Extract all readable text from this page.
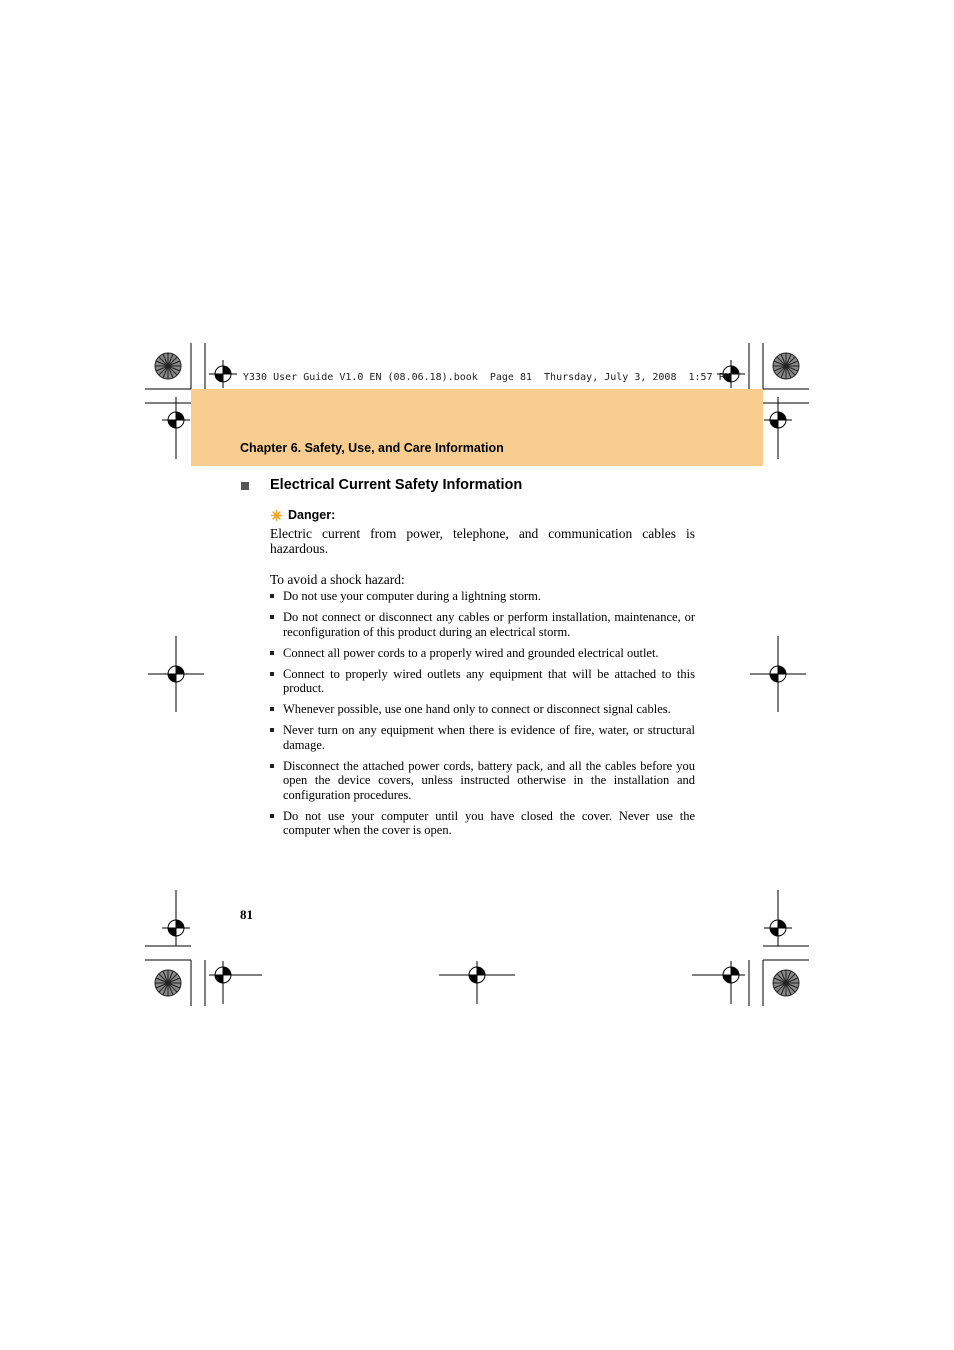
Y330 User Guide V1.0 EN (08.06.18).book  Page 81  Thursday, July 3, 2008  1:57 PM
Chapter 6. Safety, Use, and Care Information
Electrical Current Safety Information
Danger:
Electric current from power, telephone, and communication cables is hazardous.
To avoid a shock hazard:
Do not use your computer during a lightning storm.
Do not connect or disconnect any cables or perform installation, maintenance, or reconfiguration of this product during an electrical storm.
Connect all power cords to a properly wired and grounded electrical outlet.
Connect to properly wired outlets any equipment that will be attached to this product.
Whenever possible, use one hand only to connect or disconnect signal cables.
Never turn on any equipment when there is evidence of fire, water, or structural damage.
Disconnect the attached power cords, battery pack, and all the cables before you open the device covers, unless instructed otherwise in the installation and configuration procedures.
Do not use your computer until you have closed the cover. Never use the computer when the cover is open.
81
